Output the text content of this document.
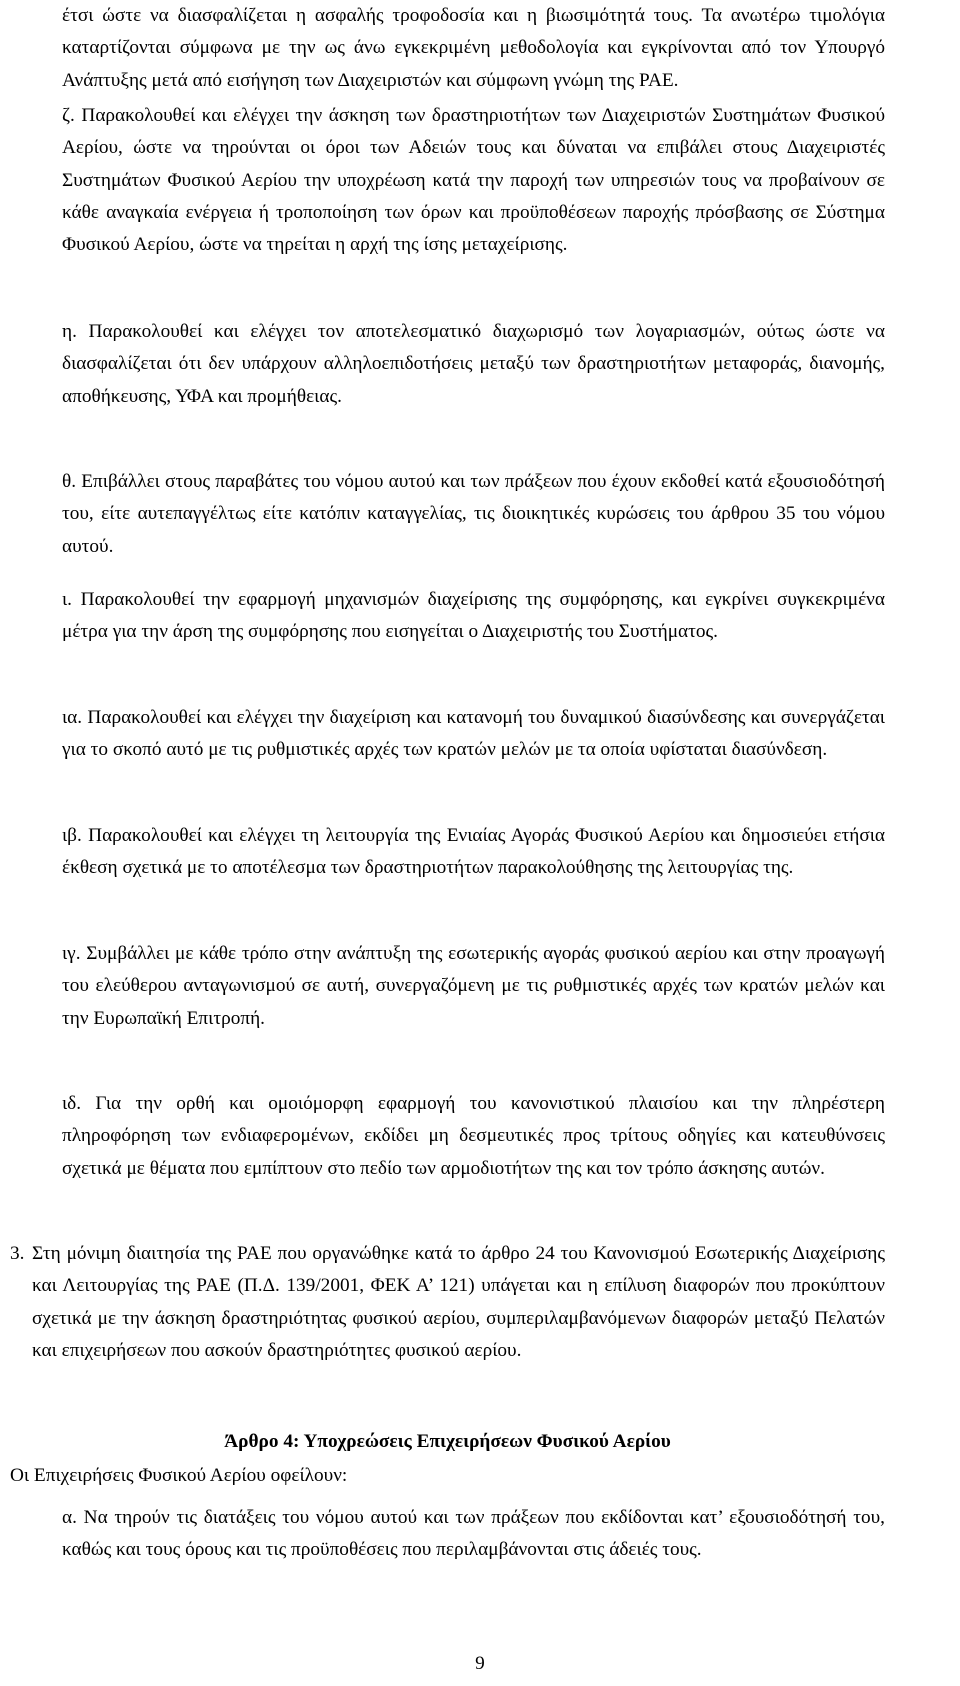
έτσι ώστε να διασφαλίζεται η ασφαλής τροφοδοσία και η βιωσιμότητά τους. Τα ανωτέρω τιμολόγια καταρτίζονται σύμφωνα με την ως άνω εγκεκριμένη μεθοδολογία και εγκρίνονται από τον Υπουργό Ανάπτυξης μετά από εισήγηση των Διαχειριστών και σύμφωνη γνώμη της ΡΑΕ.

ζ. Παρακολουθεί και ελέγχει την άσκηση των δραστηριοτήτων των Διαχειριστών Συστημάτων Φυσικού Αερίου, ώστε να τηρούνται οι όροι των Αδειών τους και δύναται να επιβάλει στους Διαχειριστές Συστημάτων Φυσικού Αερίου την υποχρέωση κατά την παροχή των υπηρεσιών τους να προβαίνουν σε κάθε αναγκαία ενέργεια ή τροποποίηση των όρων και προϋποθέσεων παροχής πρόσβασης σε Σύστημα Φυσικού Αερίου, ώστε να τηρείται η αρχή της ίσης μεταχείρισης.

η. Παρακολουθεί και ελέγχει τον αποτελεσματικό διαχωρισμό των λογαριασμών, ούτως ώστε να διασφαλίζεται ότι δεν υπάρχουν αλληλοεπιδοτήσεις μεταξύ των δραστηριοτήτων μεταφοράς, διανομής, αποθήκευσης, ΥΦΑ και προμήθειας.

θ. Επιβάλλει στους παραβάτες του νόμου αυτού και των πράξεων που έχουν εκδοθεί κατά εξουσιοδότησή του, είτε αυτεπαγγέλτως είτε κατόπιν καταγγελίας, τις διοικητικές κυρώσεις του άρθρου 35 του νόμου αυτού.

ι. Παρακολουθεί την εφαρμογή μηχανισμών διαχείρισης της συμφόρησης, και εγκρίνει συγκεκριμένα μέτρα για την άρση της συμφόρησης που εισηγείται ο Διαχειριστής του Συστήματος.

ια. Παρακολουθεί και ελέγχει την διαχείριση και κατανομή του δυναμικού διασύνδεσης και συνεργάζεται για το σκοπό αυτό με τις ρυθμιστικές αρχές των κρατών μελών με τα οποία υφίσταται διασύνδεση.

ιβ. Παρακολουθεί και ελέγχει τη λειτουργία της Ενιαίας Αγοράς Φυσικού Αερίου και δημοσιεύει ετήσια έκθεση σχετικά με το αποτέλεσμα των δραστηριοτήτων παρακολούθησης της λειτουργίας της.

ιγ. Συμβάλλει με κάθε τρόπο στην ανάπτυξη της εσωτερικής αγοράς φυσικού αερίου και στην προαγωγή του ελεύθερου ανταγωνισμού σε αυτή, συνεργαζόμενη με τις ρυθμιστικές αρχές των κρατών μελών και την Ευρωπαϊκή Επιτροπή.

ιδ. Για την ορθή και ομοιόμορφη εφαρμογή του κανονιστικού πλαισίου και την πληρέστερη πληροφόρηση των ενδιαφερομένων, εκδίδει μη δεσμευτικές προς τρίτους οδηγίες και κατευθύνσεις σχετικά με θέματα που εμπίπτουν στο πεδίο των αρμοδιοτήτων της και τον τρόπο άσκησης αυτών.

3. Στη μόνιμη διαιτησία της ΡΑΕ που οργανώθηκε κατά το άρθρο 24 του Κανονισμού Εσωτερικής Διαχείρισης και Λειτουργίας της ΡΑΕ (Π.Δ. 139/2001, ΦΕΚ Α’ 121) υπάγεται και η επίλυση διαφορών που προκύπτουν σχετικά με την άσκηση δραστηριότητας φυσικού αερίου, συμπεριλαμβανόμενων διαφορών μεταξύ Πελατών και επιχειρήσεων που ασκούν δραστηριότητες φυσικού αερίου.
Άρθρο 4: Υποχρεώσεις Επιχειρήσεων Φυσικού Αερίου

Οι Επιχειρήσεις Φυσικού Αερίου οφείλουν:

α. Να τηρούν τις διατάξεις του νόμου αυτού και των πράξεων που εκδίδονται κατ’ εξουσιοδότησή του, καθώς και τους όρους και τις προϋποθέσεις που περιλαμβάνονται στις άδειές τους.

9
